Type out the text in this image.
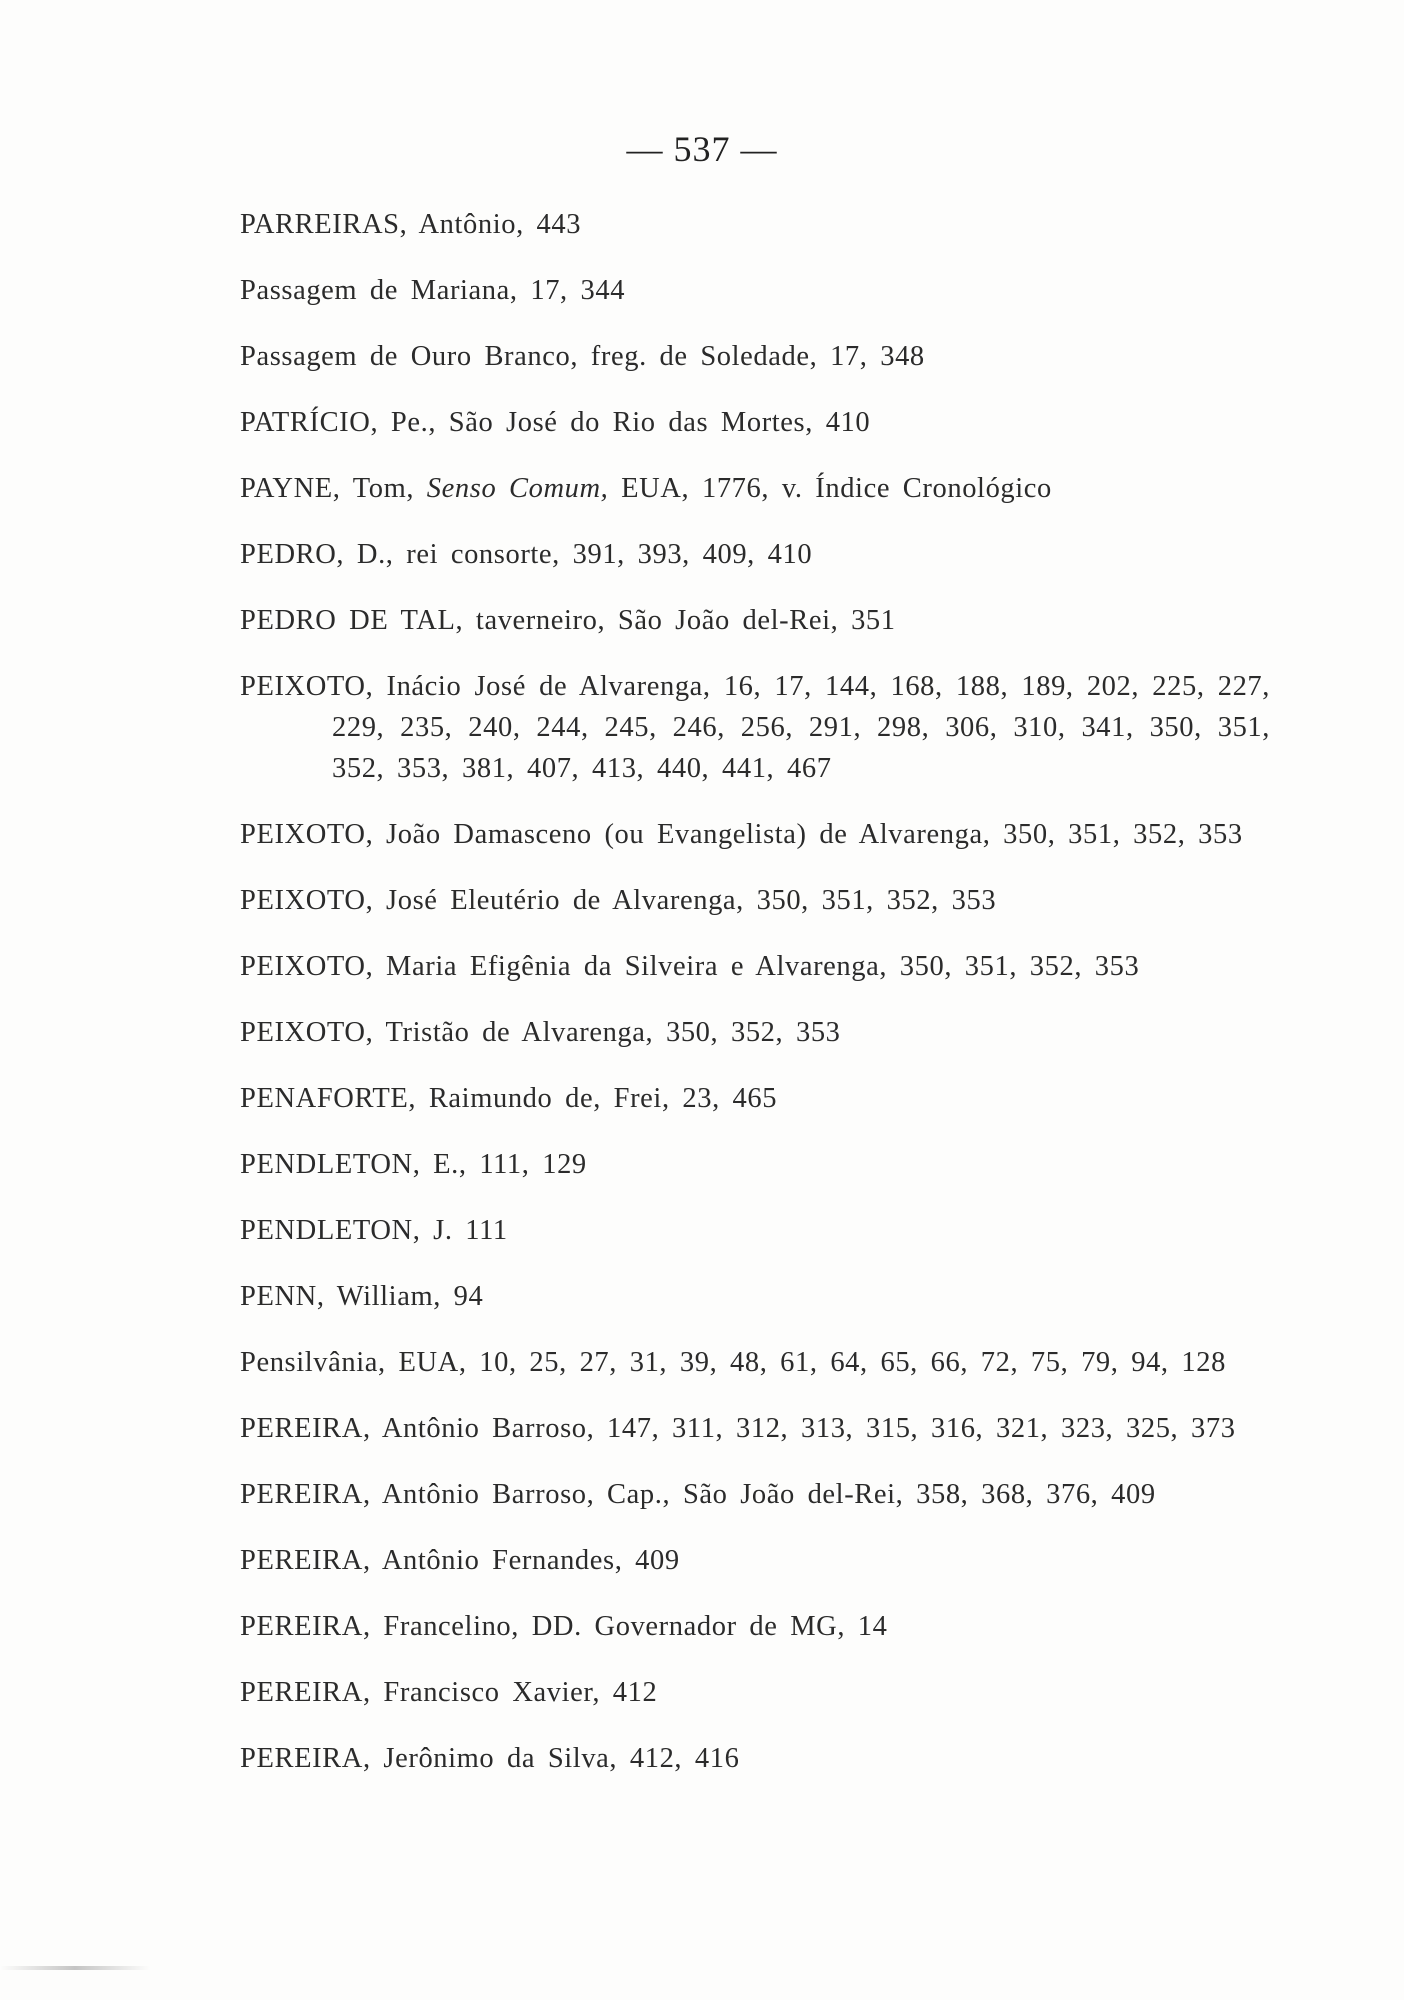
— 537 —
PARREIRAS, Antônio, 443
Passagem de Mariana, 17, 344
Passagem de Ouro Branco, freg. de Soledade, 17, 348
PATRÍCIO, Pe., São José do Rio das Mortes, 410
PAYNE, Tom, Senso Comum, EUA, 1776, v. Índice Cronológico
PEDRO, D., rei consorte, 391, 393, 409, 410
PEDRO DE TAL, taverneiro, São João del-Rei, 351
PEIXOTO, Inácio José de Alvarenga, 16, 17, 144, 168, 188, 189, 202, 225, 227, 229, 235, 240, 244, 245, 246, 256, 291, 298, 306, 310, 341, 350, 351, 352, 353, 381, 407, 413, 440, 441, 467
PEIXOTO, João Damasceno (ou Evangelista) de Alvarenga, 350, 351, 352, 353
PEIXOTO, José Eleutério de Alvarenga, 350, 351, 352, 353
PEIXOTO, Maria Efigênia da Silveira e Alvarenga, 350, 351, 352, 353
PEIXOTO, Tristão de Alvarenga, 350, 352, 353
PENAFORTE, Raimundo de, Frei, 23, 465
PENDLETON, E., 111, 129
PENDLETON, J. 111
PENN, William, 94
Pensilvânia, EUA, 10, 25, 27, 31, 39, 48, 61, 64, 65, 66, 72, 75, 79, 94, 128
PEREIRA, Antônio Barroso, 147, 311, 312, 313, 315, 316, 321, 323, 325, 373
PEREIRA, Antônio Barroso, Cap., São João del-Rei, 358, 368, 376, 409
PEREIRA, Antônio Fernandes, 409
PEREIRA, Francelino, DD. Governador de MG, 14
PEREIRA, Francisco Xavier, 412
PEREIRA, Jerônimo da Silva, 412, 416
